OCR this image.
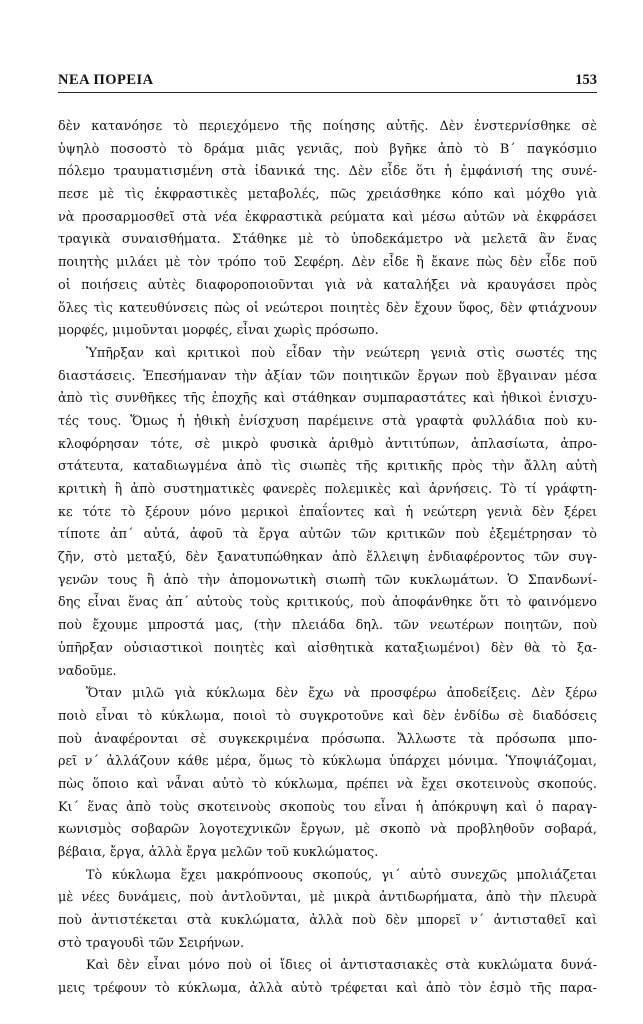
ΝΕΑ ΠΟΡΕΙΑ	153
δὲν κατανόησε τὸ περιεχόμενο τῆς ποίησης αὐτῆς. Δὲν ἐνστερνίσθηκε σὲ
ὑψηλὸ ποσοστὸ τὸ δράμα μιᾶς γενιᾶς, ποὺ βγῆκε ἀπὸ τὸ Β΄ παγκόσμιο
πόλεμο τραυματισμένη στὰ ἰδανικά της. Δὲν εἶδε ὅτι ἡ ἐμφάνισή της συνέ-
πεσε μὲ τὶς ἐκφραστικὲς μεταβολές, πῶς χρειάσθηκε κόπο καὶ μόχθο γιὰ
νὰ προσαρμοσθεῖ στὰ νέα ἐκφραστικὰ ρεύματα καὶ μέσω αὐτῶν νὰ ἐκφράσει
τραγικὰ συναισθήματα. Στάθηκε μὲ τὸ ὑποδεκάμετρο νὰ μελετᾶ ἂν ἕνας
ποιητὴς μιλάει μὲ τὸν τρόπο τοῦ Σεφέρη. Δὲν εἶδε ἢ ἔκανε πὼς δὲν εἶδε ποῦ
οἱ ποιήσεις αὐτὲς διαφοροποιοῦνται γιὰ νὰ καταλήξει νὰ κραυγάσει πρὸς
ὅλες τὶς κατευθύνσεις πὼς οἱ νεώτεροι ποιητὲς δὲν ἔχουν ὕφος, δὲν φτιάχνουν
μορφές, μιμοῦνται μορφές, εἶναι χωρὶς πρόσωπο.
Ὑπῆρξαν καὶ κριτικοὶ ποὺ εἶδαν τὴν νεώτερη γενιὰ στὶς σωστές της
διαστάσεις. Ἐπεσήμαναν τὴν ἀξίαν τῶν ποιητικῶν ἔργων ποὺ ἔβγαιναν μέσα
ἀπὸ τὶς συνθῆκες τῆς ἐποχῆς καὶ στάθηκαν συμπαραστάτες καὶ ἠθικοὶ ἐνισχυ-
τές τους. Ὅμως ἡ ἠθικὴ ἐνίσχυση παρέμεινε στὰ γραφτὰ φυλλάδια ποὺ κυ-
κλοφόρησαν τότε, σὲ μικρὸ φυσικὰ ἀριθμὸ ἀντιτύπων, ἀπλασίωτα, ἀπρο-
στάτευτα, καταδιωγμένα ἀπὸ τὶς σιωπὲς τῆς κριτικῆς πρὸς τὴν ἄλλη αὐτὴ
κριτικὴ ἢ ἀπὸ συστηματικὲς φανερὲς πολεμικὲς καὶ ἀρνήσεις. Τὸ τί γράφτη-
κε τότε τὸ ξέρουν μόνο μερικοὶ ἐπαΐοντες καὶ ἡ νεώτερη γενιὰ δὲν ξέρει
τίποτε ἀπ΄ αὐτά, ἀφοῦ τὰ ἔργα αὐτῶν τῶν κριτικῶν ποὺ ἐξεμέτρησαν τὸ
ζῆν, στὸ μεταξύ, δὲν ξανατυπώθηκαν ἀπὸ ἔλλειψη ἐνδιαφέροντος τῶν συγ-
γενῶν τους ἢ ἀπὸ τὴν ἀπομονωτικὴ σιωπὴ τῶν κυκλωμάτων. Ὁ Σπανδωνί-
δης εἶναι ἕνας ἀπ΄ αὐτοὺς τοὺς κριτικούς, ποὺ ἀποφάνθηκε ὅτι τὸ φαινόμενο
ποὺ ἔχουμε μπροστά μας, (τὴν πλειάδα δηλ. τῶν νεωτέρων ποιητῶν, ποὺ
ὑπῆρξαν οὐσιαστικοὶ ποιητὲς καὶ αἰσθητικὰ καταξιωμένοι) δὲν θὰ τὸ ξα-
ναδοῦμε.
Ὅταν μιλῶ γιὰ κύκλωμα δὲν ἔχω νὰ προσφέρω ἀποδείξεις. Δὲν ξέρω
ποιὸ εἶναι τὸ κύκλωμα, ποιοὶ τὸ συγκροτοῦνε καὶ δὲν ἐνδίδω σὲ διαδόσεις
ποὺ ἀναφέρονται σὲ συγκεκριμένα πρόσωπα. Ἄλλωστε τὰ πρόσωπα μπο-
ρεῖ ν΄ ἀλλάζουν κάθε μέρα, ὅμως τὸ κύκλωμα ὑπάρχει μόνιμα. Ὑποψιάζομαι,
πὼς ὅποιο καὶ νἆναι αὐτὸ τὸ κύκλωμα, πρέπει νὰ ἔχει σκοτεινοὺς σκοπούς.
Κι΄ ἕνας ἀπὸ τοὺς σκοτεινοὺς σκοποὺς του εἶναι ἡ ἀπόκρυψη καὶ ὁ παραγ-
κωνισμὸς σοβαρῶν λογοτεχνικῶν ἔργων, μὲ σκοπὸ νὰ προβληθοῦν σοβαρά,
βέβαια, ἔργα, ἀλλὰ ἔργα μελῶν τοῦ κυκλώματος.
Τὸ κύκλωμα ἔχει μακρόπνοους σκοπούς, γι΄ αὐτὸ συνεχῶς μπολιάζεται
μὲ νέες δυνάμεις, ποὺ ἀντλοῦνται, μὲ μικρὰ ἀντιδωρήματα, ἀπὸ τὴν πλευρὰ
ποὺ ἀντιστέκεται στὰ κυκλώματα, ἀλλὰ ποὺ δὲν μπορεῖ ν΄ ἀντισταθεῖ καὶ
στὸ τραγουδὶ τῶν Σειρήνων.
Καὶ δὲν εἶναι μόνο ποὺ οἱ ἴδιες οἱ ἀντιστασιακὲς στὰ κυκλώματα δυνά-
μεις τρέφουν τὸ κύκλωμα, ἀλλὰ αὐτὸ τρέφεται καὶ ἀπὸ τὸν ἐσμὸ τῆς παρα-
